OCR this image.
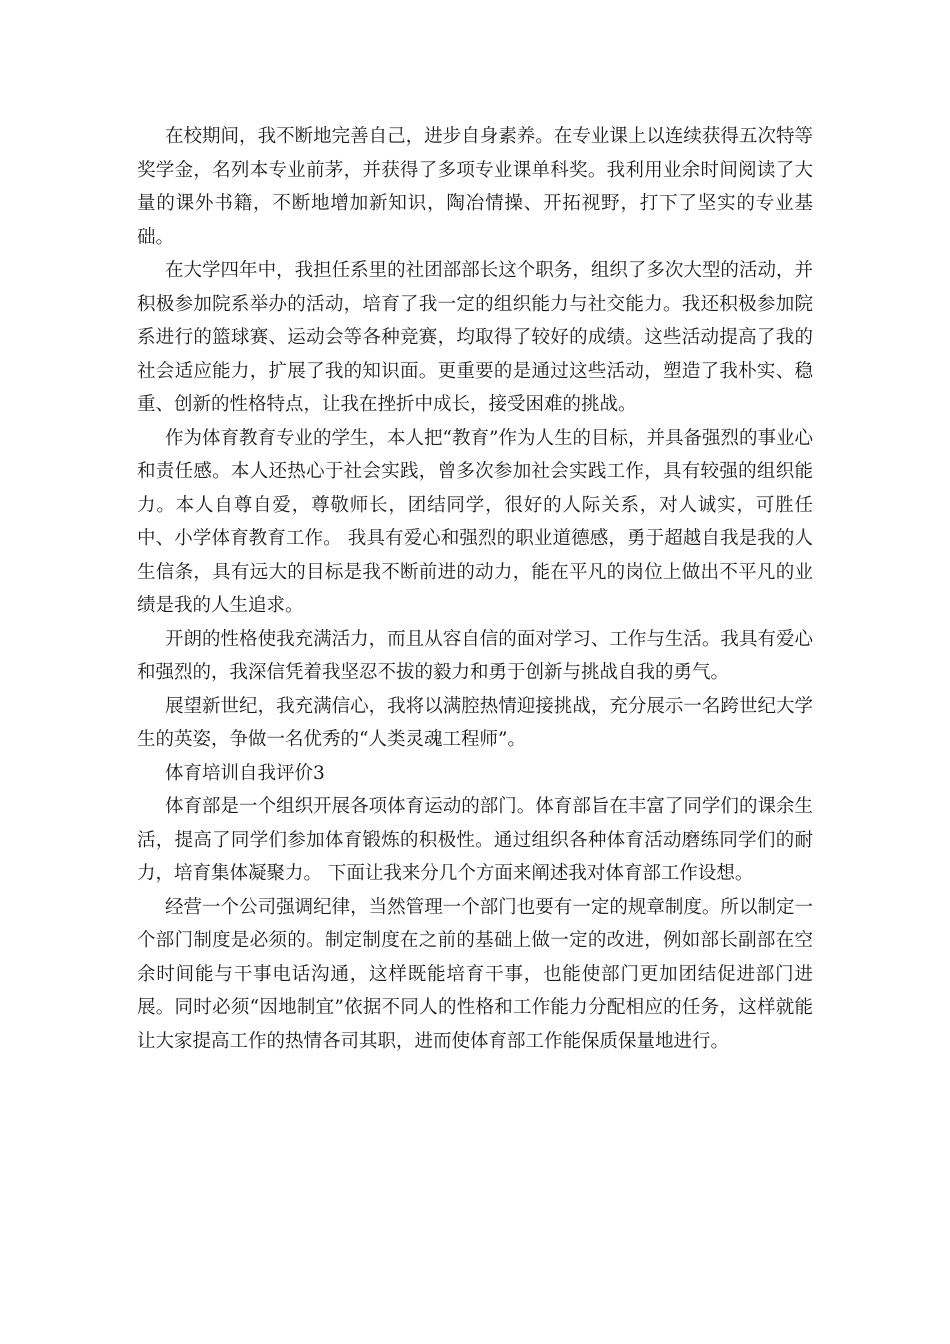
在校期间，我不断地完善自己，进步自身素养。在专业课上以连续获得五次特等奖学金，名列本专业前茅，并获得了多项专业课单科奖。我利用业余时间阅读了大量的课外书籍，不断地增加新知识，陶冶情操、开拓视野，打下了坚实的专业基础。

在大学四年中，我担任系里的社团部部长这个职务，组织了多次大型的活动，并积极参加院系举办的活动，培育了我一定的组织能力与社交能力。我还积极参加院系进行的篮球赛、运动会等各种竞赛，均取得了较好的成绩。这些活动提高了我的社会适应能力，扩展了我的知识面。更重要的是通过这些活动，塑造了我朴实、稳重、创新的性格特点，让我在挫折中成长，接受困难的挑战。

作为体育教育专业的学生，本人把“教育”作为人生的目标，并具备强烈的事业心和责任感。本人还热心于社会实践，曾多次参加社会实践工作，具有较强的组织能力。本人自尊自爱，尊敬师长，团结同学，很好的人际关系，对人诚实，可胜任中、小学体育教育工作。 我具有爱心和强烈的职业道德感，勇于超越自我是我的人生信条，具有远大的目标是我不断前进的动力，能在平凡的岗位上做出不平凡的业绩是我的人生追求。

开朗的性格使我充满活力，而且从容自信的面对学习、工作与生活。我具有爱心和强烈的，我深信凭着我坚忍不拔的毅力和勇于创新与挑战自我的勇气。

展望新世纪，我充满信心，我将以满腔热情迎接挑战，充分展示一名跨世纪大学生的英姿，争做一名优秀的“人类灵魂工程师”。

体育培训自我评价3

体育部是一个组织开展各项体育运动的部门。体育部旨在丰富了同学们的课余生活，提高了同学们参加体育锻炼的积极性。通过组织各种体育活动磨练同学们的耐力，培育集体凝聚力。 下面让我来分几个方面来阐述我对体育部工作设想。

经营一个公司强调纪律，当然管理一个部门也要有一定的规章制度。所以制定一个部门制度是必须的。制定制度在之前的基础上做一定的改进，例如部长副部在空余时间能与干事电话沟通，这样既能培育干事，也能使部门更加团结促进部门进展。同时必须“因地制宜”依据不同人的性格和工作能力分配相应的任务，这样就能让大家提高工作的热情各司其职，进而使体育部工作能保质保量地进行。
